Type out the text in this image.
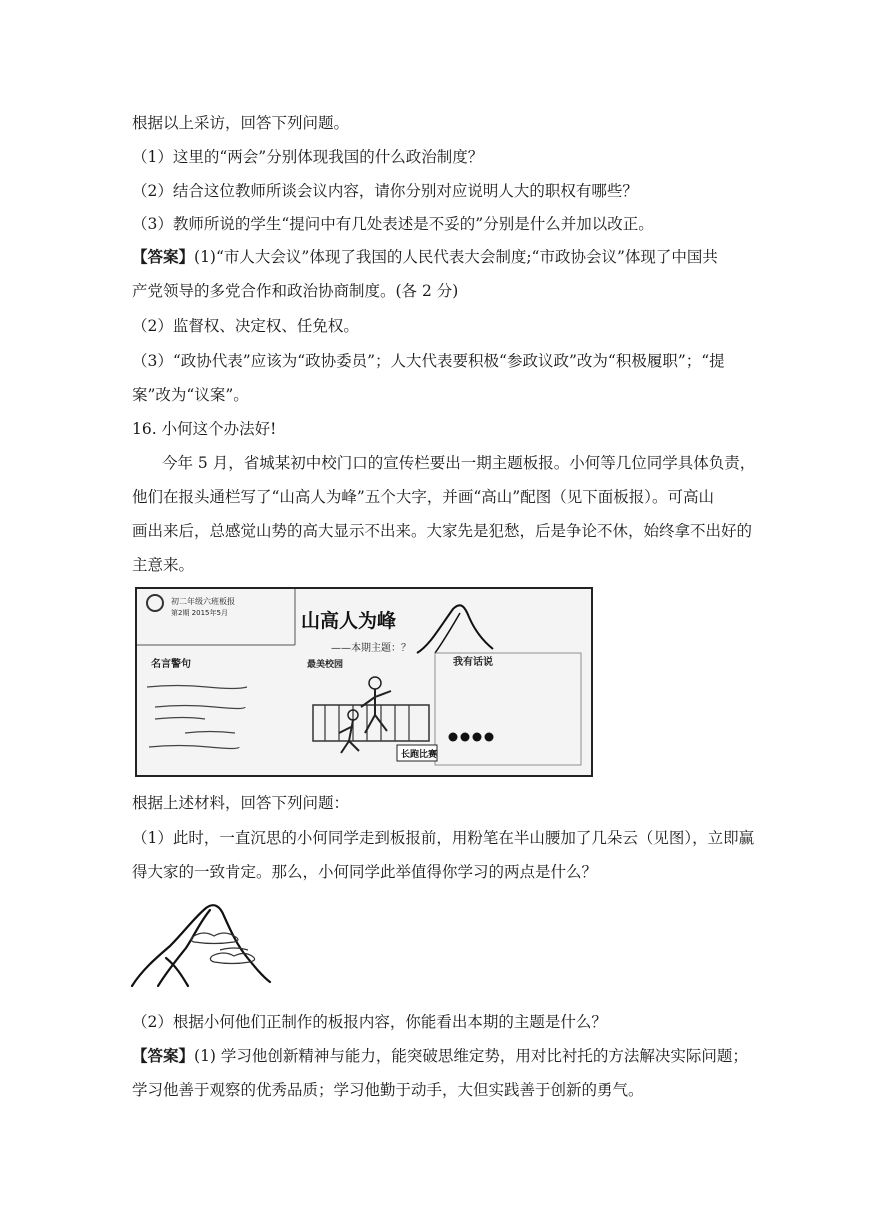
根据以上采访，回答下列问题。
（1）这里的“两会”分别体现我国的什么政治制度？
（2）结合这位教师所谈会议内容，请你分别对应说明人大的职权有哪些？
（3）教师所说的学生“提问中有几处表述是不妥的”分别是什么并加以改正。
【答案】(1)“市人大会议”体现了我国的人民代表大会制度;“市政协会议”体现了中国共
产党领导的多党合作和政治协商制度。(各 2 分)
（2）监督权、决定权、任免权。
（3）“政协代表”应该为“政协委员”；人大代表要积极“参政议政”改为“积极履职”；“提
案”改为“议案”。
16. 小何这个办法好!
今年 5 月，省城某初中校门口的宣传栏要出一期主题板报。小何等几位同学具体负责，
他们在报头通栏写了“山高人为峰”五个大字，并画“高山”配图（见下面板报）。可高山
画出来后，总感觉山势的高大显示不出来。大家先是犯愁，后是争论不休，始终拿不出好的
主意来。
初二年级六班板报
第2期 2015年5月	山高人为峰
——本期主题：？
名言警句	最美校园	我有话说
长跑比赛
根据上述材料，回答下列问题：
（1）此时，一直沉思的小何同学走到板报前，用粉笔在半山腰加了几朵云（见图），立即赢
得大家的一致肯定。那么，小何同学此举值得你学习的两点是什么？
（2）根据小何他们正制作的板报内容，你能看出本期的主题是什么？
【答案】(1) 学习他创新精神与能力，能突破思维定势，用对比衬托的方法解决实际问题；
学习他善于观察的优秀品质；学习他勤于动手，大但实践善于创新的勇气。
